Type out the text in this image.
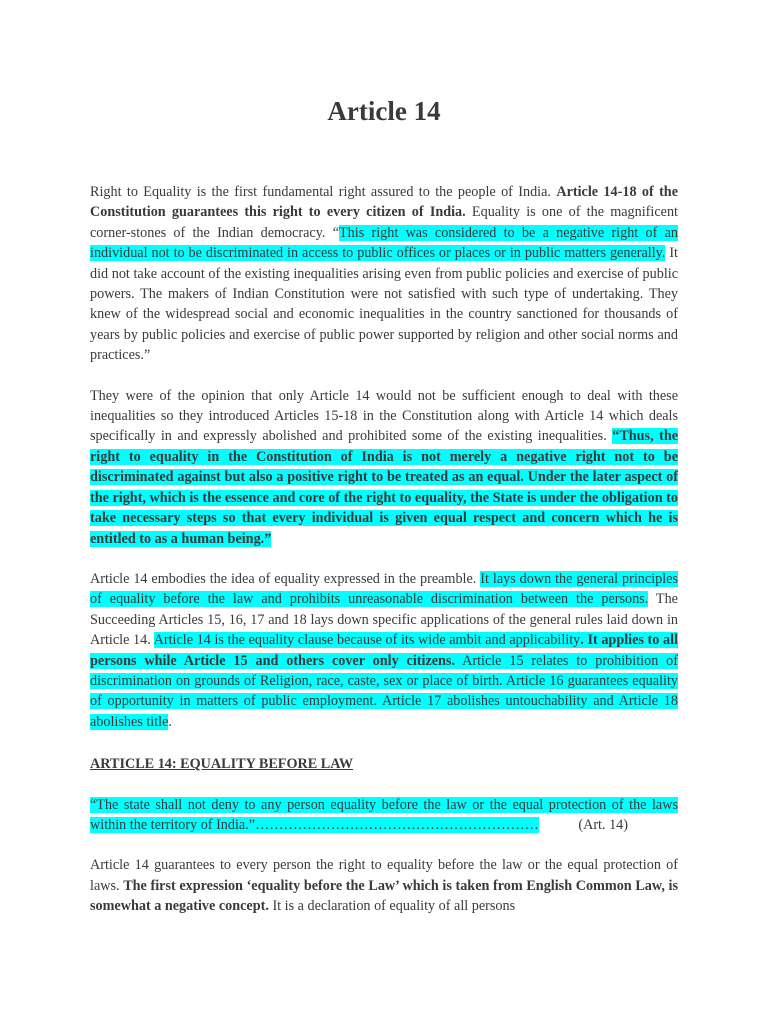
Article 14

Right to Equality is the first fundamental right assured to the people of India. Article 14-18 of the Constitution guarantees this right to every citizen of India. Equality is one of the magnificent corner-stones of the Indian democracy. “This right was considered to be a negative right of an individual not to be discriminated in access to public offices or places or in public matters generally. It did not take account of the existing inequalities arising even from public policies and exercise of public powers. The makers of Indian Constitution were not satisfied with such type of undertaking. They knew of the widespread social and economic inequalities in the country sanctioned for thousands of years by public policies and exercise of public power supported by religion and other social norms and practices.”

They were of the opinion that only Article 14 would not be sufficient enough to deal with these inequalities so they introduced Articles 15-18 in the Constitution along with Article 14 which deals specifically in and expressly abolished and prohibited some of the existing inequalities. “Thus, the right to equality in the Constitution of India is not merely a negative right not to be discriminated against but also a positive right to be treated as an equal. Under the later aspect of the right, which is the essence and core of the right to equality, the State is under the obligation to take necessary steps so that every individual is given equal respect and concern which he is entitled to as a human being.”

Article 14 embodies the idea of equality expressed in the preamble. It lays down the general principles of equality before the law and prohibits unreasonable discrimination between the persons. The Succeeding Articles 15, 16, 17 and 18 lays down specific applications of the general rules laid down in Article 14. Article 14 is the equality clause because of its wide ambit and applicability. It applies to all persons while Article 15 and others cover only citizens. Article 15 relates to prohibition of discrimination on grounds of Religion, race, caste, sex or place of birth. Article 16 guarantees equality of opportunity in matters of public employment. Article 17 abolishes untouchability and Article 18 abolishes title.

ARTICLE 14: EQUALITY BEFORE LAW

“The state shall not deny to any person equality before the law or the equal protection of the laws within the territory of India.”……………………………………………………	(Art. 14)

Article 14 guarantees to every person the right to equality before the law or the equal protection of laws. The first expression ‘equality before the Law’ which is taken from English Common Law, is somewhat a negative concept. It is a declaration of equality of all persons
